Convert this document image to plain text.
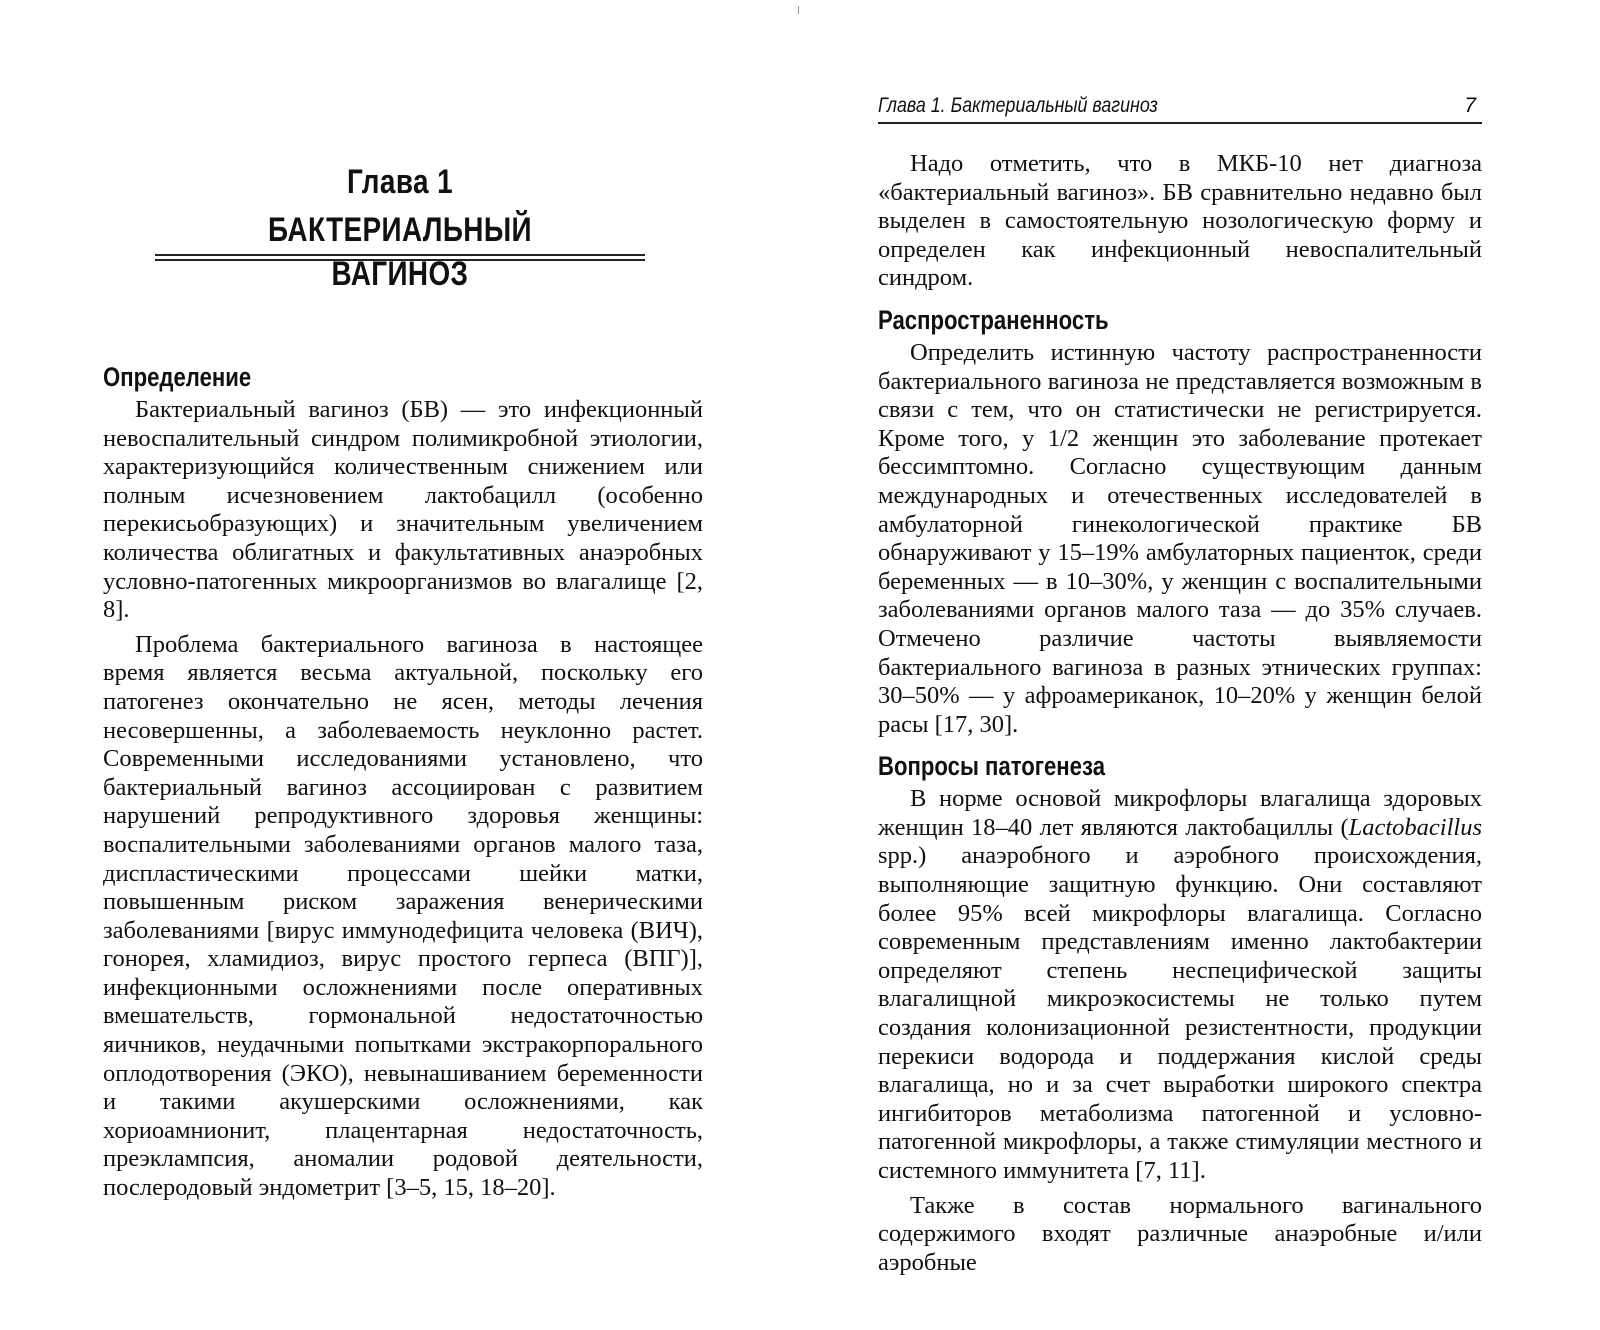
Глава 1
БАКТЕРИАЛЬНЫЙ ВАГИНОЗ
Определение

Бактериальный вагиноз (БВ) — это инфекционный невоспалительный синдром полимикробной этиологии, характеризующийся количественным снижением или полным исчезновением лактобацилл (особенно перекисьобразующих) и значительным увеличением количества облигатных и факультативных анаэробных условно-патогенных микроорганизмов во влагалище [2, 8].

Проблема бактериального вагиноза в настоящее время является весьма актуальной, поскольку его патогенез окончательно не ясен, методы лечения несовершенны, а заболеваемость неуклонно растет. Современными исследованиями установлено, что бактериальный вагиноз ассоциирован с развитием нарушений репродуктивного здоровья женщины: воспалительными заболеваниями органов малого таза, диспластическими процессами шейки матки, повышенным риском заражения венерическими заболеваниями [вирус иммунодефицита человека (ВИЧ), гонорея, хламидиоз, вирус простого герпеса (ВПГ)], инфекционными осложнениями после оперативных вмешательств, гормональной недостаточностью яичников, неудачными попытками экстракорпорального оплодотворения (ЭКО), невынашиванием беременности и такими акушерскими осложнениями, как хориоамнионит, плацентарная недостаточность, преэклампсия, аномалии родовой деятельности, послеродовый эндометрит [3–5, 15, 18–20].

Глава 1. Бактериальный вагиноз	7

Надо отметить, что в МКБ-10 нет диагноза «бактериальный вагиноз». БВ сравнительно недавно был выделен в самостоятельную нозологическую форму и определен как инфекционный невоспалительный синдром.

Распространенность

Определить истинную частоту распространенности бактериального вагиноза не представляется возможным в связи с тем, что он статистически не регистрируется. Кроме того, у 1/2 женщин это заболевание протекает бессимптомно. Согласно существующим данным международных и отечественных исследователей в амбулаторной гинекологической практике БВ обнаруживают у 15–19% амбулаторных пациенток, среди беременных — в 10–30%, у женщин с воспалительными заболеваниями органов малого таза — до 35% случаев. Отмечено различие частоты выявляемости бактериального вагиноза в разных этнических группах: 30–50% — у афроамериканок, 10–20% у женщин белой расы [17, 30].

Вопросы патогенеза

В норме основой микрофлоры влагалища здоровых женщин 18–40 лет являются лактобациллы (Lactobacillus spp.) анаэробного и аэробного происхождения, выполняющие защитную функцию. Они составляют более 95% всей микрофлоры влагалища. Согласно современным представлениям именно лактобактерии определяют степень неспецифической защиты влагалищной микроэкосистемы не только путем создания колонизационной резистентности, продукции перекиси водорода и поддержания кислой среды влагалища, но и за счет выработки широкого спектра ингибиторов метаболизма патогенной и условно-патогенной микрофлоры, а также стимуляции местного и системного иммунитета [7, 11].

Также в состав нормального вагинального содержимого входят различные анаэробные и/или аэробные
